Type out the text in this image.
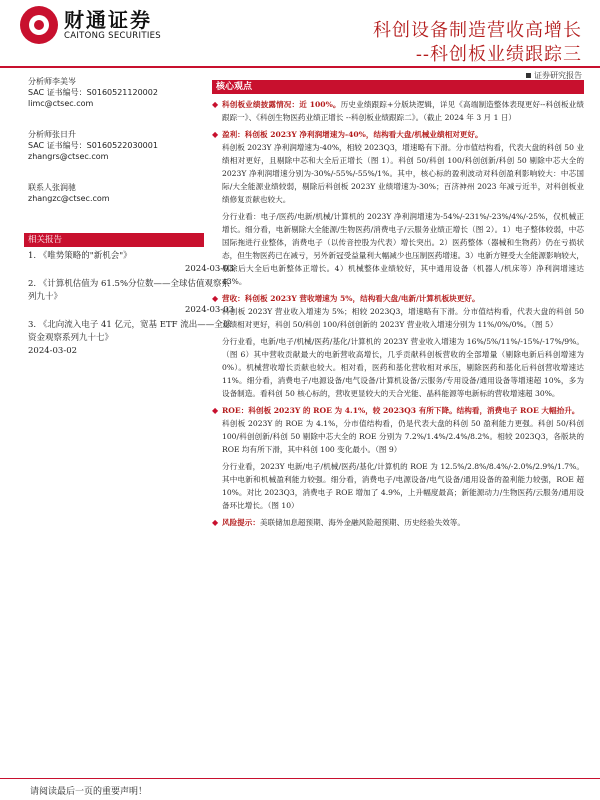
财通证券
CAITONG SECURITIES	科创设备制造营收高增长
--科创板业绩跟踪三
证券研究报告
分析师李美岑
SAC 证书编号：S0160521120002
limc@ctsec.com
分析师张日升
SAC 证书编号：S0160522030001
zhangrs@ctsec.com
联系人张润驰
zhangzc@ctsec.com
相关报告
1. 《唯势策略的"新机会"》
2024-03-03
2. 《计算机估值为 61.5%分位数——全球估值观察系列九十》
2024-03-03
3. 《北向流入电子 41 亿元，宽基 ETF 流出——全球资金观察系列九十七》
2024-03-02
核心观点
◆ 科创板业绩披露情况：近 100%。历史业绩跟踪+分版块逻辑，详见《高端制造整体表现更好--科创板业绩跟踪一》、《科创生物医药业绩正增长 --科创板业绩跟踪二》。（截止 2024 年 3 月 1 日）
◆ 盈利：科创板 2023Y 净利润增速为-40%，结构看大盘/机械业绩相对更好。
科创板 2023Y 净利润增速为-40%，相较 2023Q3，增速略有下滑。分市值结构看，代表大盘的科创 50 业绩相对更好，且剔除中芯和大全后正增长（图 1）。科创 50/科创 100/科创创新/科创 50 剔除中芯大全的 2023Y 净利润增速分别为-30%/-55%/-55%/1%。其中，核心标的盈利波动对科创盈利影响较大：中芯国际/大全能源业绩较弱，剔除后科创板 2023Y 业绩增速为-30%；百济神州 2023 年减亏近半，对科创板业绩修复贡献也较大。
分行业看：电子/医药/电新/机械/计算机的 2023Y 净利润增速为-54%/-231%/-23%/4%/-25%，仅机械正增长。细分看，电新剔除大全能源/生物医药/消费电子/云服务业绩正增长（图 2）。1）电子整体较弱，中芯国际拖进行业整体，消费电子（以传音控股为代表）增长突出。2）医药整体（器械和生物药）仍在亏损状态，但生物医药已在减亏，另外新冠受益量利大幅减少也压制医药增速。3）电新方锂受大全能源影响较大，剔除后大全后电新整体正增长。4）机械整体业绩较好，其中通用设备（机器人/机床等）净利润增速达 43%。
◆ 营收：科创板 2023Y 营收增速为 5%，结构看大盘/电新/计算机板块更好。
科创板 2023Y 营业收入增速为 5%；相较 2023Q3，增速略有下滑。分市值结构看，代表大盘的科创 50 业绩相对更好，科创 50/科创 100/科创创新的 2023Y 营业收入增速分别为 11%/0%/0%。（图 5）
分行业看，电新/电子/机械/医药/基化/计算机的 2023Y 营业收入增速为 16%/5%/11%/-15%/-17%/9%。（图 6）其中营收贡献最大的电新营收高增长，几乎贡献科创板营收的全部增量（剔除电新后科创增速为 0%）。机械营收增长贡献也较大。相对看，医药和基化营收相对承压，剔除医药和基化后科创营收增速达 11%。细分看，消费电子/电源设备/电气设备/计算机设备/云服务/专用设备/通用设备等增速超 10%，多为设备制造。看科创 50 核心标的，营收更显较大的天合光能、晶科能源等电新标的营收增速超 30%。
◆ ROE：科创板 2023Y 的 ROE 为 4.1%，较 2023Q3 有所下降。结构看，消费电子 ROE 大幅抬升。
科创板 2023Y 的 ROE 为 4.1%，分市值结构看，仍是代表大盘的科创 50 盈利能力更强。科创 50/科创 100/科创创新/科创 50 剔除中芯大全的 ROE 分别为 7.2%/1.4%/2.4%/8.2%。相较 2023Q3，各版块的 ROE 均有所下滑，其中科创 100 变化最小。（图 9）
分行业看，2023Y 电新/电子/机械/医药/基化/计算机的 ROE 为 12.5%/2.8%/8.4%/-2.0%/2.9%/1.7%。其中电新和机械盈利能力较强。细分看，消费电子/电源设备/电气设备/通用设备的盈利能力较强，ROE 超 10%。对比 2023Q3，消费电子 ROE 增加了 4.9%，上升幅度最高；新能源动力/生物医药/云服务/通用设备环比增长。（图 10）
◆ 风险提示：美联储加息超预期、海外金融风险超预期、历史经验失效等。
请阅读最后一页的重要声明！
